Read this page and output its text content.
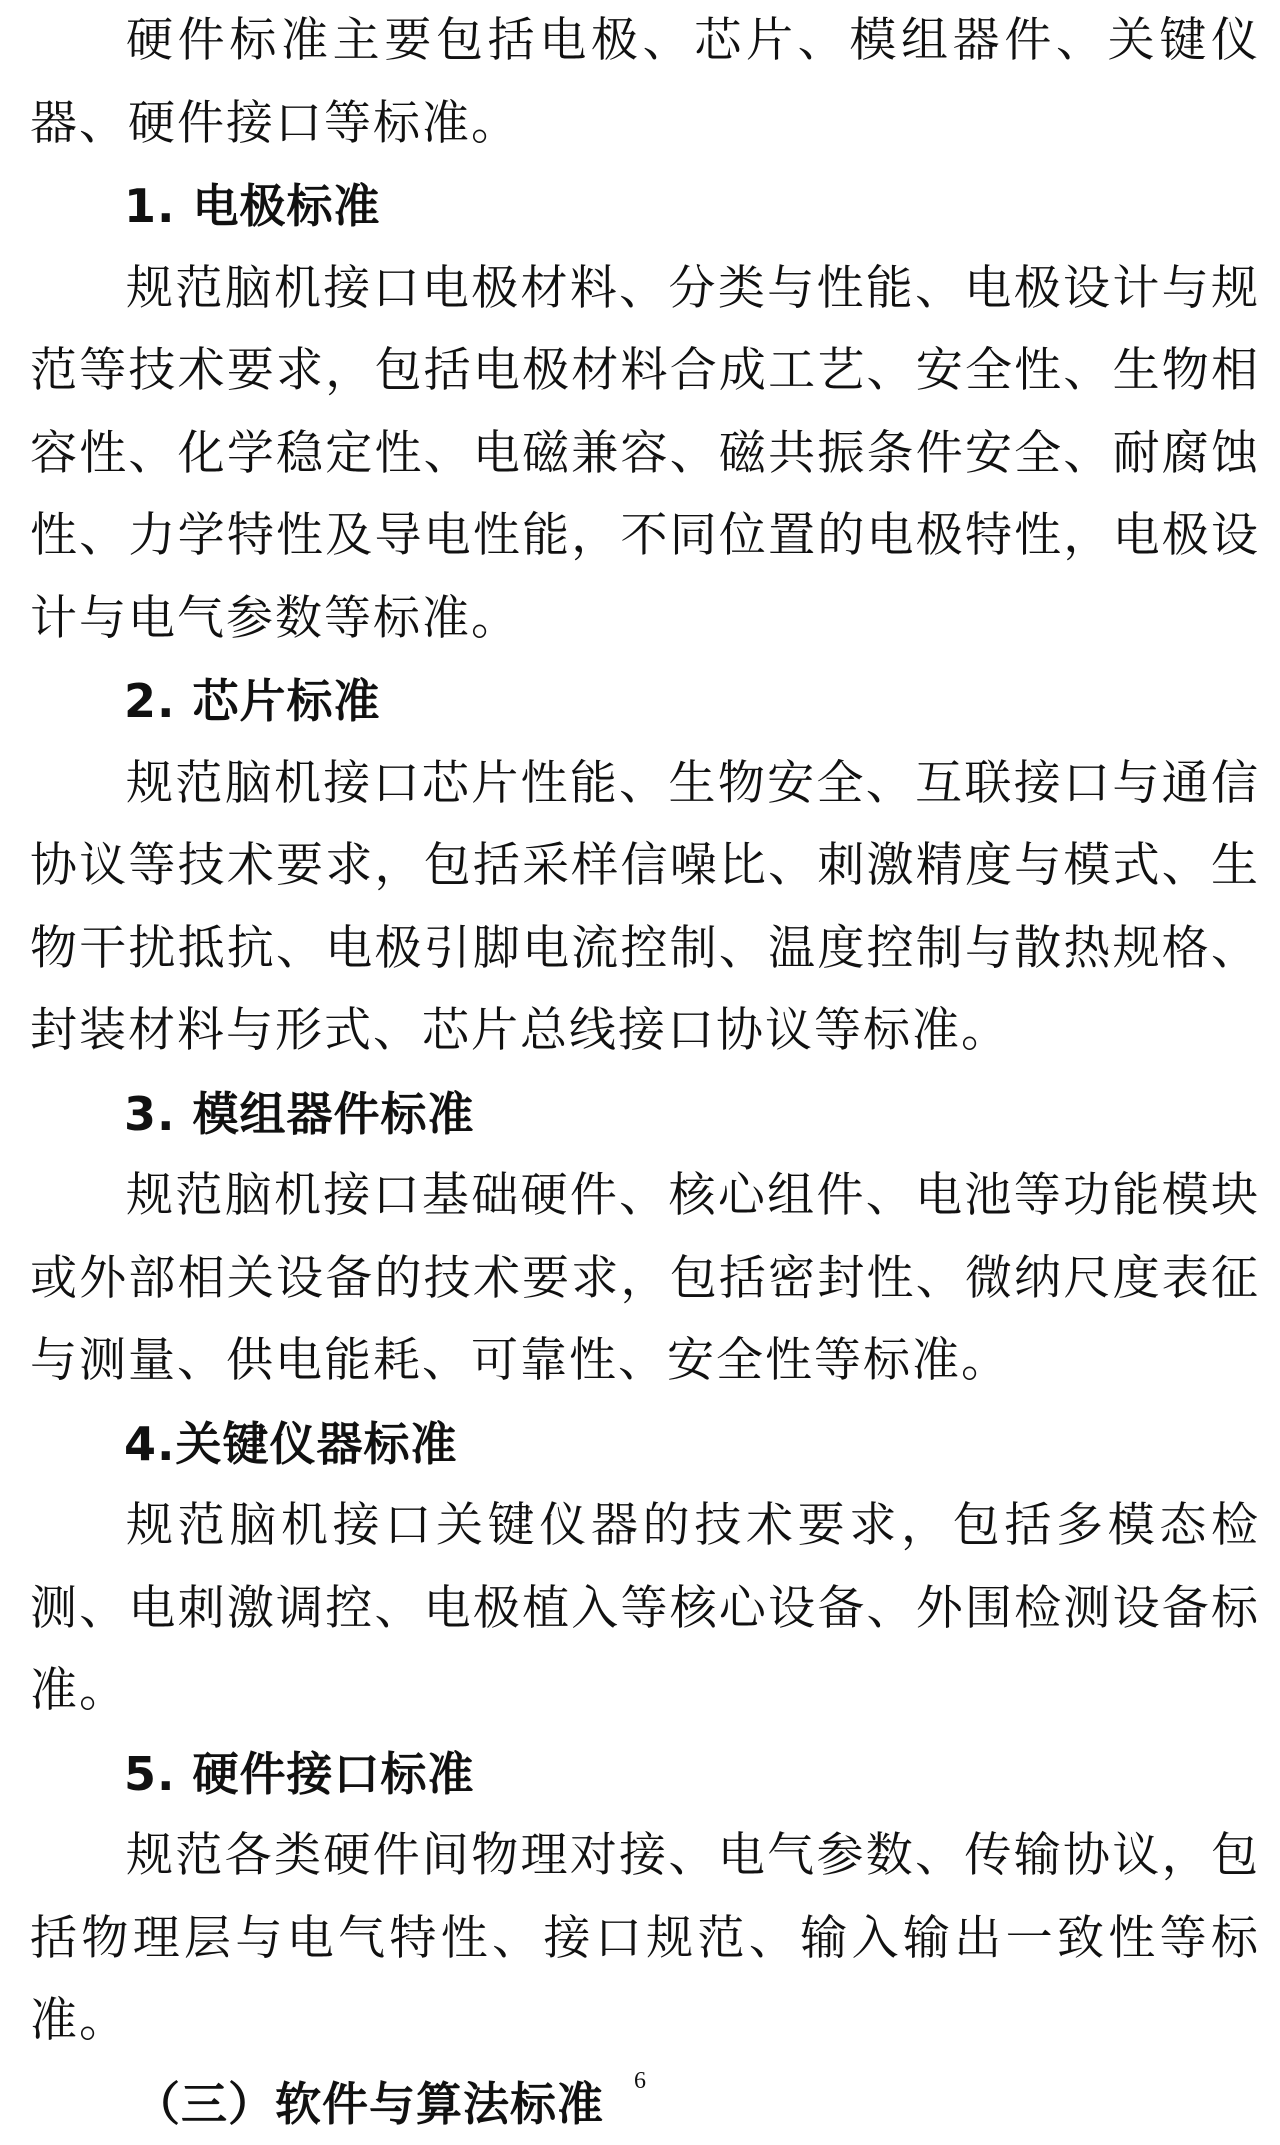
硬件标准主要包括电极、芯片、模组器件、关键仪器、硬件接口等标准。

1. 电极标准

规范脑机接口电极材料、分类与性能、电极设计与规范等技术要求，包括电极材料合成工艺、安全性、生物相容性、化学稳定性、电磁兼容、磁共振条件安全、耐腐蚀性、力学特性及导电性能，不同位置的电极特性，电极设计与电气参数等标准。

2. 芯片标准

规范脑机接口芯片性能、生物安全、互联接口与通信协议等技术要求，包括采样信噪比、刺激精度与模式、生物干扰抵抗、电极引脚电流控制、温度控制与散热规格、封装材料与形式、芯片总线接口协议等标准。

3. 模组器件标准

规范脑机接口基础硬件、核心组件、电池等功能模块或外部相关设备的技术要求，包括密封性、微纳尺度表征与测量、供电能耗、可靠性、安全性等标准。

4.关键仪器标准

规范脑机接口关键仪器的技术要求，包括多模态检测、电刺激调控、电极植入等核心设备、外围检测设备标准。

5. 硬件接口标准

规范各类硬件间物理对接、电气参数、传输协议，包括物理层与电气特性、接口规范、输入输出一致性等标准。

（三）软件与算法标准	6
